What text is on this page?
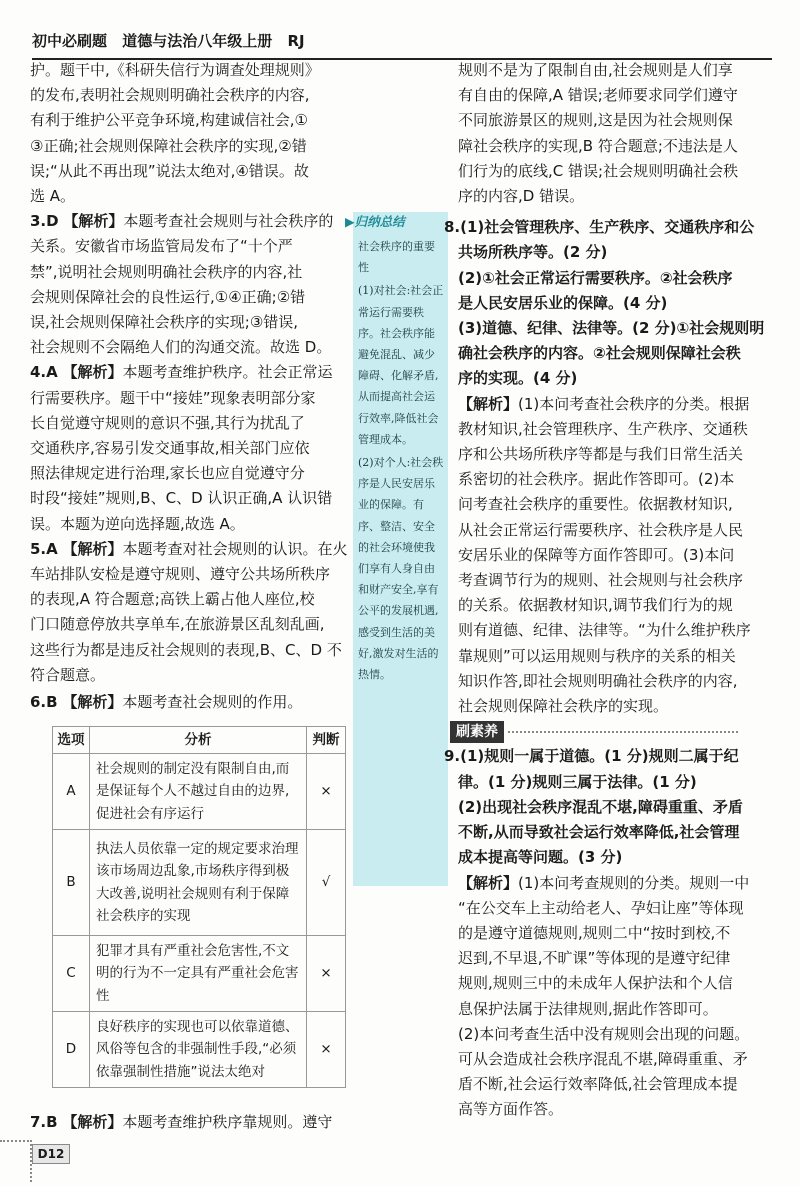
初中必刷题 道德与法治八年级上册 RJ

护。题干中,《科研失信行为调查处理规则》

的发布,表明社会规则明确社会秩序的内容,

有利于维护公平竞争环境,构建诚信社会,①

③正确;社会规则保障社会秩序的实现,②错

误;“从此不再出现”说法太绝对,④错误。故

选 A。

3.D 【解析】本题考查社会规则与社会秩序的

关系。安徽省市场监管局发布了“十个严

禁”,说明社会规则明确社会秩序的内容,社

会规则保障社会的良性运行,①④正确;②错

误,社会规则保障社会秩序的实现;③错误,

社会规则不会隔绝人们的沟通交流。故选 D。

4.A 【解析】本题考查维护秩序。社会正常运

行需要秩序。题干中“接娃”现象表明部分家

长自觉遵守规则的意识不强,其行为扰乱了

交通秩序,容易引发交通事故,相关部门应依

照法律规定进行治理,家长也应自觉遵守分

时段“接娃”规则,B、C、D 认识正确,A 认识错

误。本题为逆向选择题,故选 A。

5.A 【解析】本题考查对社会规则的认识。在火

车站排队安检是遵守规则、遵守公共场所秩序

的表现,A 符合题意;高铁上霸占他人座位,校

门口随意停放共享单车,在旅游景区乱刻乱画,

这些行为都是违反社会规则的表现,B、C、D 不

符合题意。

6.B 【解析】本题考查社会规则的作用。

选项	分析	判断
A	社会规则的制定没有限制自由,而是保证每个人不越过自由的边界,促进社会有序运行	×
B	执法人员依靠一定的规定要求治理该市场周边乱象,市场秩序得到极大改善,说明社会规则有利于保障社会秩序的实现	√
C	犯罪才具有严重社会危害性,不文明的行为不一定具有严重社会危害性	×
D	良好秩序的实现也可以依靠道德、风俗等包含的非强制性手段,“必须依靠强制性措施”说法太绝对	×

7.B 【解析】本题考查维护秩序靠规则。遵守

▶归纳总结

社会秩序的重要性

(1)对社会:社会正常运行需要秩序。社会秩序能避免混乱、减少障碍、化解矛盾,从而提高社会运行效率,降低社会管理成本。

(2)对个人:社会秩序是人民安居乐业的保障。有序、整洁、安全的社会环境使我们享有人身自由和财产安全,享有公平的发展机遇,感受到生活的美好,激发对生活的热情。

规则不是为了限制自由,社会规则是人们享

有自由的保障,A 错误;老师要求同学们遵守

不同旅游景区的规则,这是因为社会规则保

障社会秩序的实现,B 符合题意;不违法是人

们行为的底线,C 错误;社会规则明确社会秩

序的内容,D 错误。

8.(1)社会管理秩序、生产秩序、交通秩序和公

共场所秩序等。(2 分)

(2)①社会正常运行需要秩序。②社会秩序

是人民安居乐业的保障。(4 分)

(3)道德、纪律、法律等。(2 分)①社会规则明

确社会秩序的内容。②社会规则保障社会秩

序的实现。(4 分)

【解析】(1)本问考查社会秩序的分类。根据

教材知识,社会管理秩序、生产秩序、交通秩

序和公共场所秩序等都是与我们日常生活关

系密切的社会秩序。据此作答即可。(2)本

问考查社会秩序的重要性。依据教材知识,

从社会正常运行需要秩序、社会秩序是人民

安居乐业的保障等方面作答即可。(3)本问

考查调节行为的规则、社会规则与社会秩序

的关系。依据教材知识,调节我们行为的规

则有道德、纪律、法律等。“为什么维护秩序

靠规则”可以运用规则与秩序的关系的相关

知识作答,即社会规则明确社会秩序的内容,

社会规则保障社会秩序的实现。

刷素养

9.(1)规则一属于道德。(1 分)规则二属于纪

律。(1 分)规则三属于法律。(1 分)

(2)出现社会秩序混乱不堪,障碍重重、矛盾

不断,从而导致社会运行效率降低,社会管理

成本提高等问题。(3 分)

【解析】(1)本问考查规则的分类。规则一中

“在公交车上主动给老人、孕妇让座”等体现

的是遵守道德规则,规则二中“按时到校,不

迟到,不早退,不旷课”等体现的是遵守纪律

规则,规则三中的未成年人保护法和个人信

息保护法属于法律规则,据此作答即可。

(2)本问考查生活中没有规则会出现的问题。

可从会造成社会秩序混乱不堪,障碍重重、矛

盾不断,社会运行效率降低,社会管理成本提

高等方面作答。

D12
